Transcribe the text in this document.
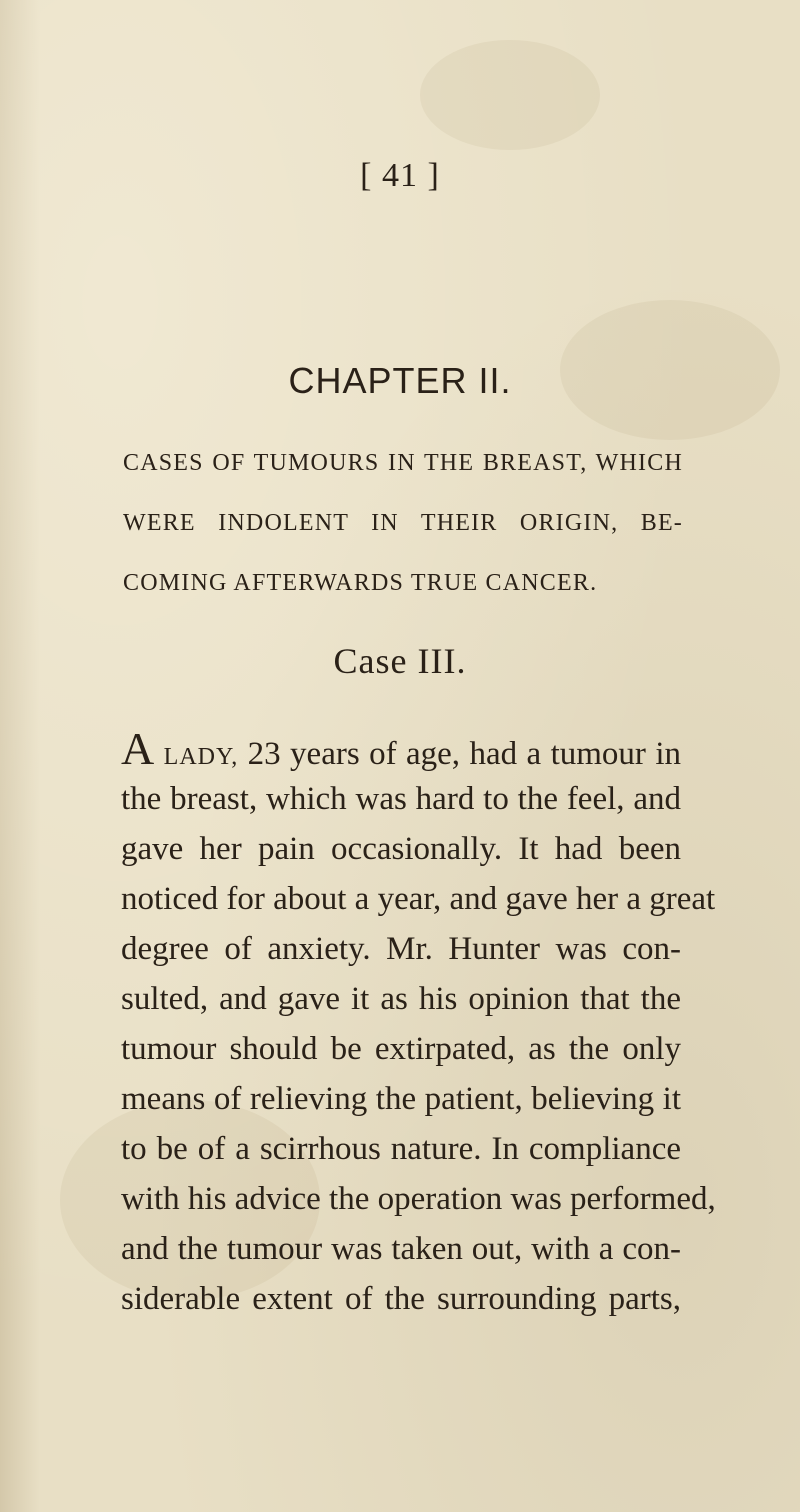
[ 41 ]
CHAPTER II.
CASES OF TUMOURS IN THE BREAST, WHICH
WERE INDOLENT IN THEIR ORIGIN, BE-
COMING AFTERWARDS TRUE CANCER.
Case III.
A LADY, 23 years of age, had a tumour in
the breast, which was hard to the feel, and
gave her pain occasionally. It had been
noticed for about a year, and gave her a great
degree of anxiety. Mr. Hunter was con-
sulted, and gave it as his opinion that the
tumour should be extirpated, as the only
means of relieving the patient, believing it
to be of a scirrhous nature. In compliance
with his advice the operation was performed,
and the tumour was taken out, with a con-
siderable extent of the surrounding parts,
